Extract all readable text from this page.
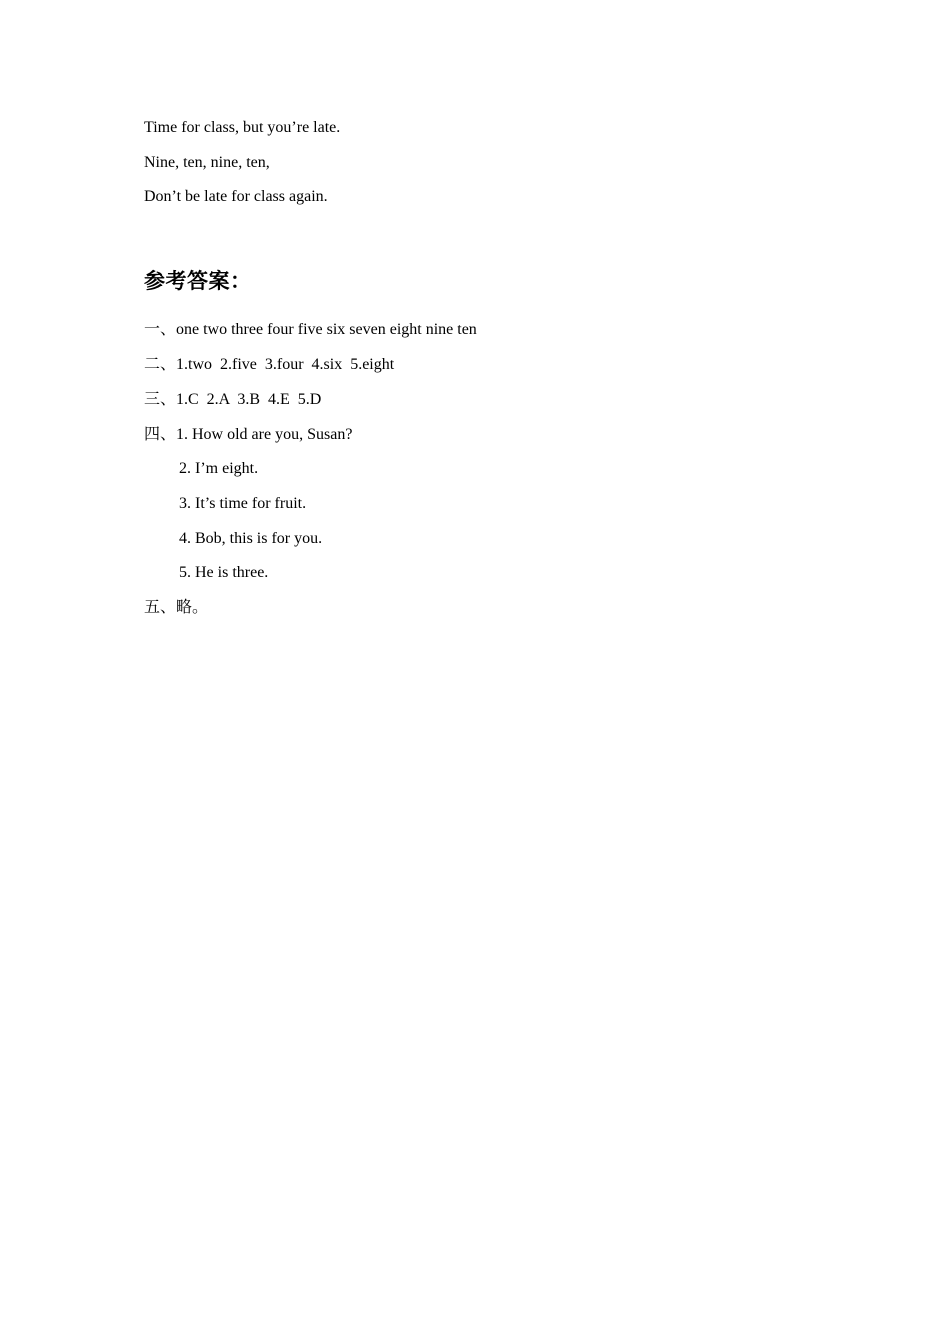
Time for class, but you’re late.
Nine, ten, nine, ten,
Don’t be late for class again.
参考答案：
一、one two three four five six seven eight nine ten
二、1.two  2.five  3.four  4.six  5.eight
三、1.C  2.A  3.B  4.E  5.D
四、1. How old are you, Susan?
2. I’m eight.
3. It’s time for fruit.
4. Bob, this is for you.
5. He is three.
五、略。
